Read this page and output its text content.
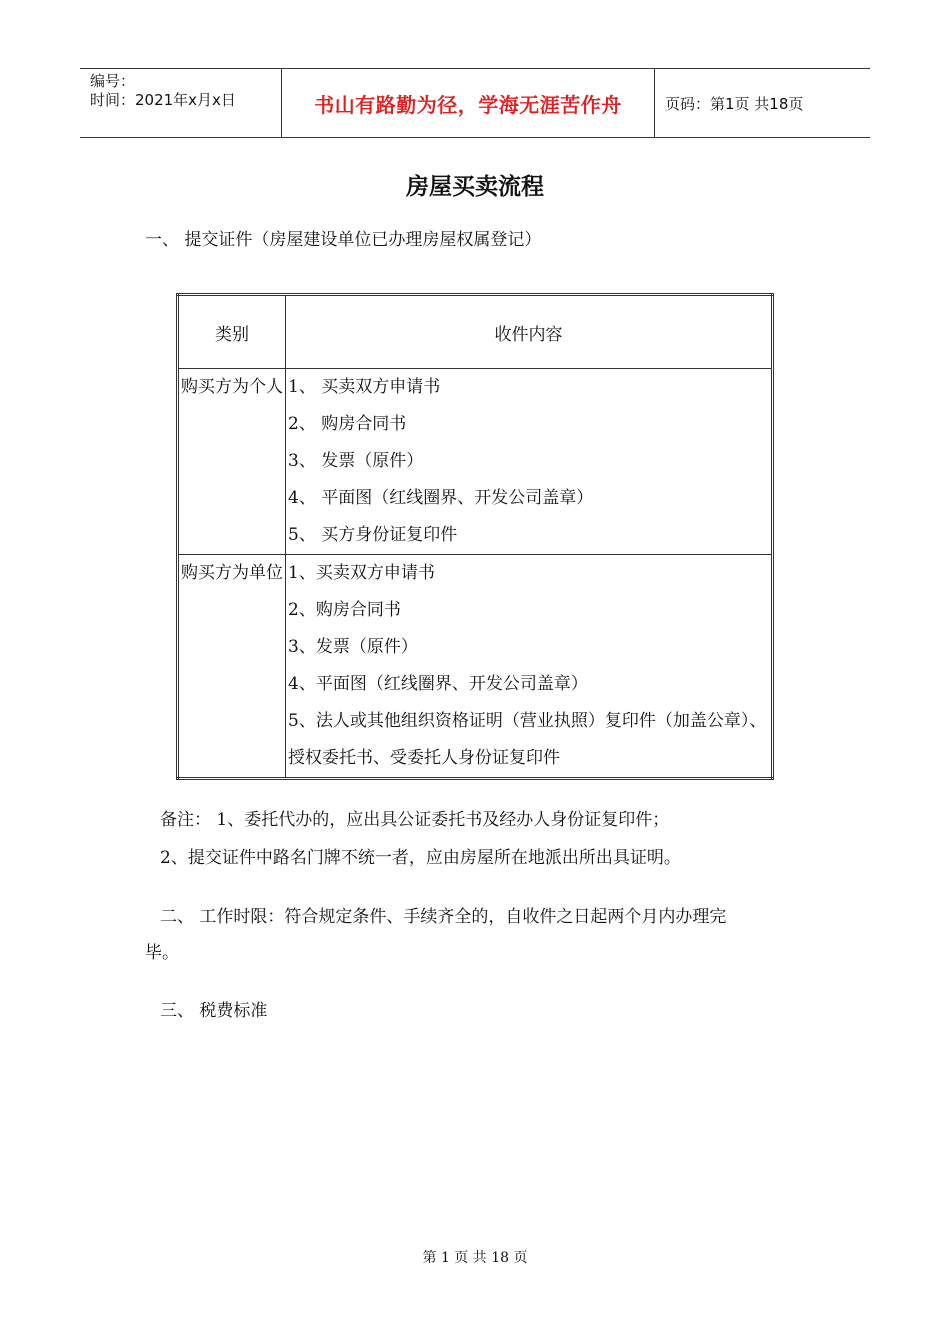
编号：
时间：2021年x月x日	书山有路勤为径，学海无涯苦作舟	页码：第1页 共18页
房屋买卖流程
一、 提交证件（房屋建设单位已办理房屋权属登记）
类别	收件内容
购买方为个人	1、 买卖双方申请书
2、 购房合同书
3、 发票（原件）
4、 平面图（红线圈界、开发公司盖章）
5、 买方身份证复印件

购买方为单位	1、买卖双方申请书
2、购房合同书
3、发票（原件）
4、平面图（红线圈界、开发公司盖章）
5、法人或其他组织资格证明（营业执照）复印件（加盖公章）、授权委托书、受委托人身份证复印件
备注： 1、委托代办的，应出具公证委托书及经办人身份证复印件；
2、提交证件中路名门牌不统一者，应由房屋所在地派出所出具证明。
二、 工作时限：符合规定条件、手续齐全的，自收件之日起两个月内办理完
毕。
三、 税费标准
第 1 页 共 18 页
